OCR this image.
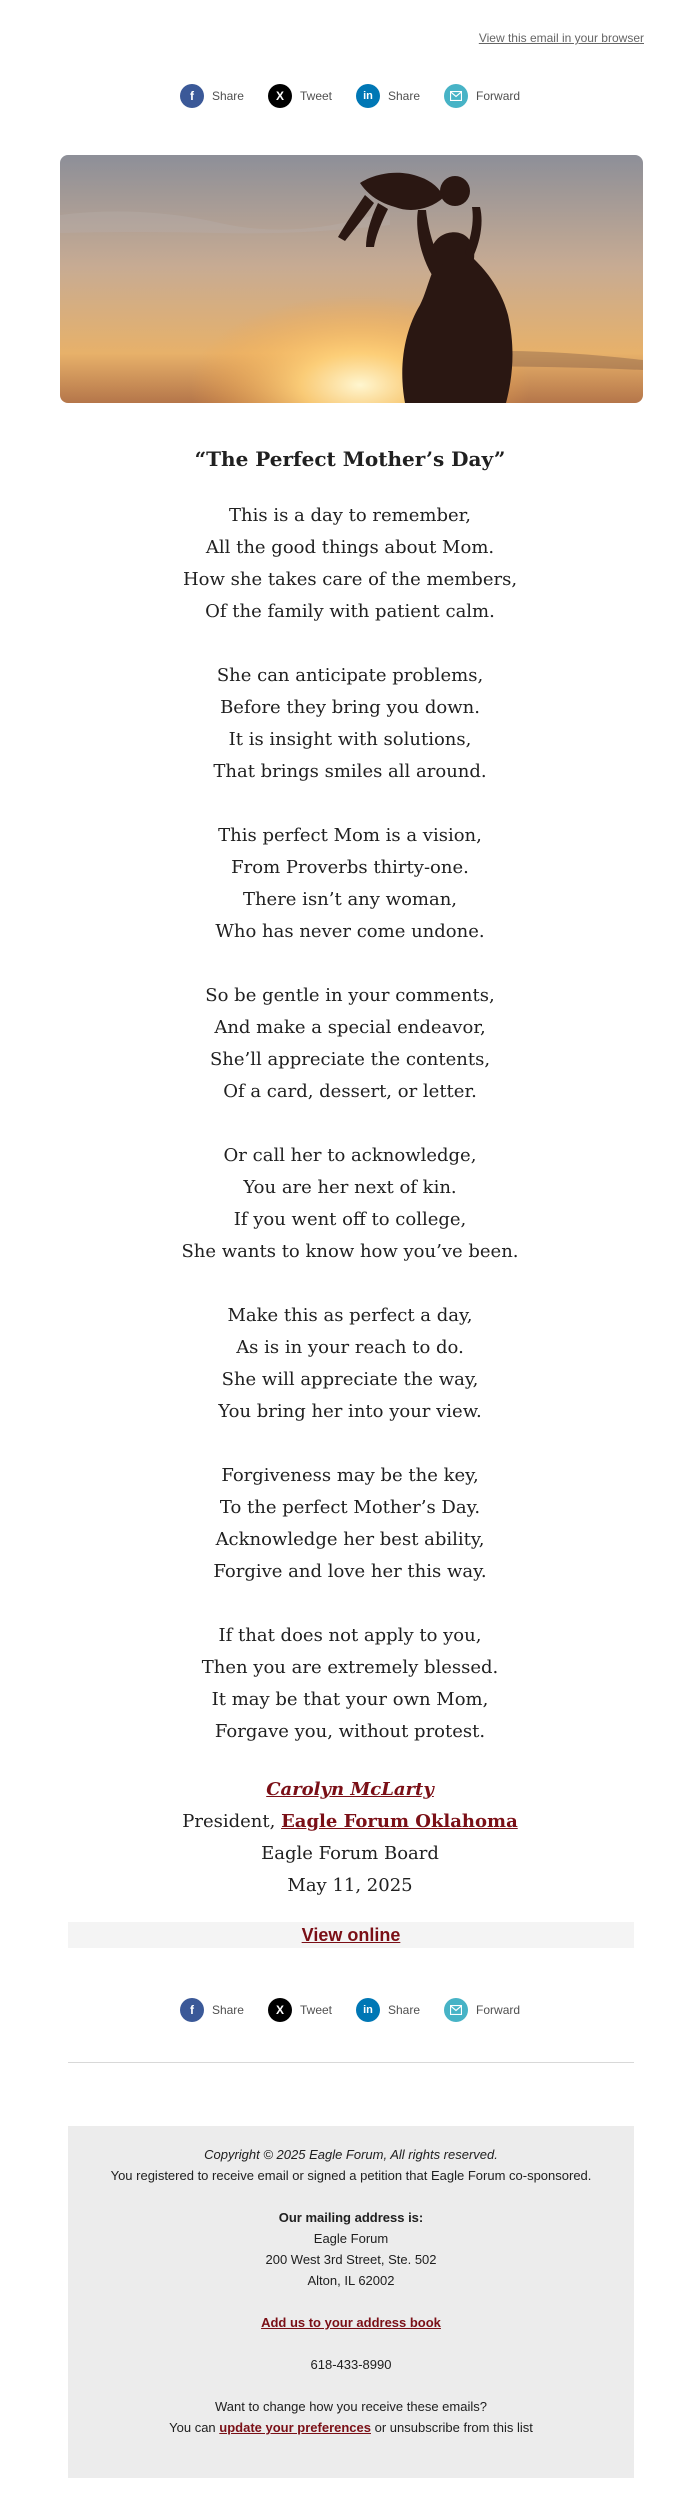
View this email in your browser
f	Share	X	Tweet	in	Share	Forward
“The Perfect Mother’s Day”
This is a day to remember,
All the good things about Mom.
How she takes care of the members,
Of the family with patient calm.
She can anticipate problems,
Before they bring you down.
It is insight with solutions,
That brings smiles all around.
This perfect Mom is a vision,
From Proverbs thirty-one.
There isn’t any woman,
Who has never come undone.
So be gentle in your comments,
And make a special endeavor,
She’ll appreciate the contents,
Of a card, dessert, or letter.
Or call her to acknowledge,
You are her next of kin.
If you went off to college,
She wants to know how you’ve been.
Make this as perfect a day,
As is in your reach to do.
She will appreciate the way,
You bring her into your view.
Forgiveness may be the key,
To the perfect Mother’s Day.
Acknowledge her best ability,
Forgive and love her this way.
If that does not apply to you,
Then you are extremely blessed.
It may be that your own Mom,
Forgave you, without protest.
Carolyn McLarty
President, Eagle Forum Oklahoma
Eagle Forum Board
May 11, 2025
View online
f	Share	X	Tweet	in	Share	Forward
Copyright © 2025 Eagle Forum, All rights reserved.
You registered to receive email or signed a petition that Eagle Forum co-sponsored.
Our mailing address is:
Eagle Forum
200 West 3rd Street, Ste. 502
Alton, IL 62002
Add us to your address book
618-433-8990
Want to change how you receive these emails?
You can update your preferences or unsubscribe from this list
